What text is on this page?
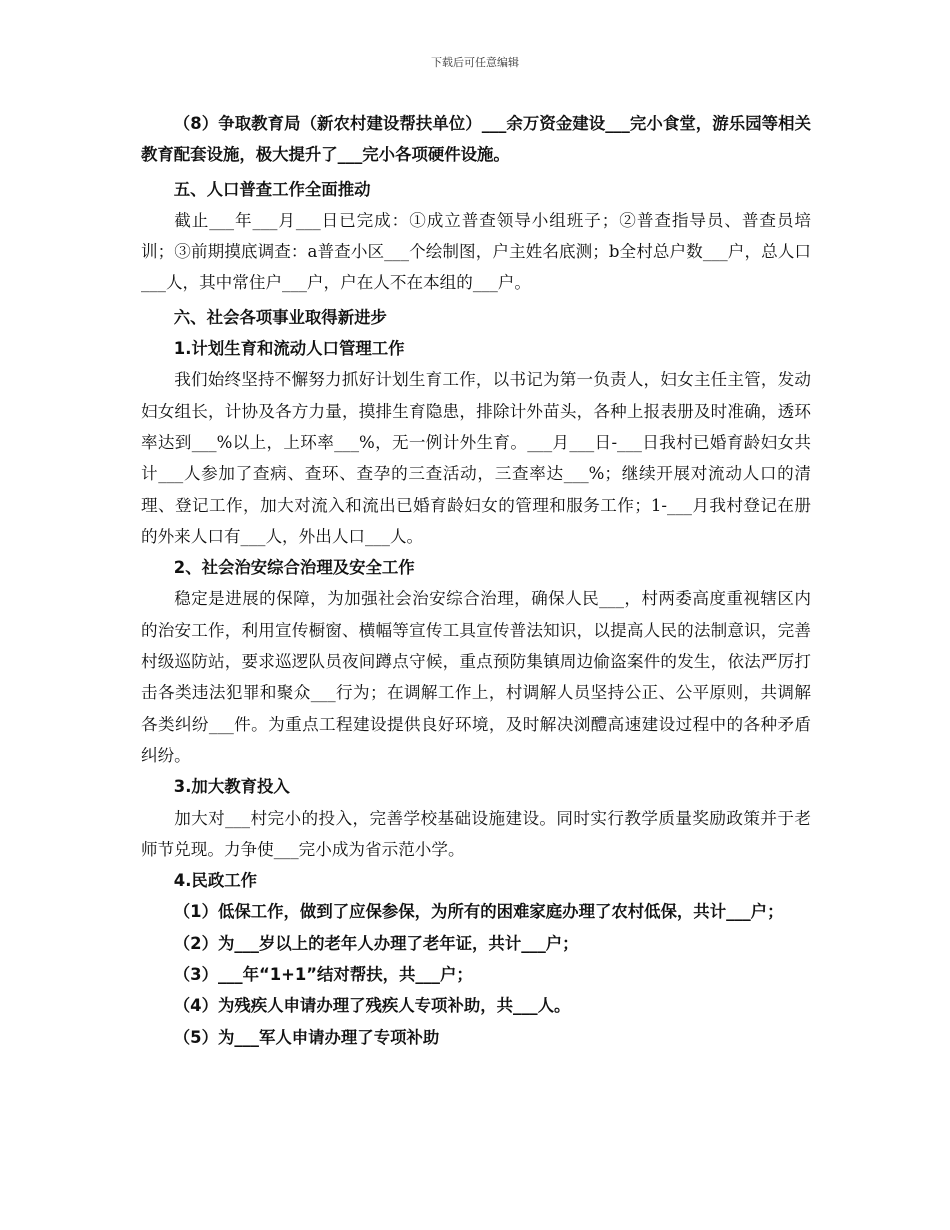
下载后可任意编辑

（8）争取教育局（新农村建设帮扶单位）___余万资金建设___完小食堂，游乐园等相关教育配套设施，极大提升了___完小各项硬件设施。

五、人口普查工作全面推动

截止___年___月___日已完成：①成立普查领导小组班子；②普查指导员、普查员培训；③前期摸底调查：a普查小区___个绘制图，户主姓名底测；b全村总户数___户，总人口___人，其中常住户___户，户在人不在本组的___户。

六、社会各项事业取得新进步

1.计划生育和流动人口管理工作

我们始终坚持不懈努力抓好计划生育工作，以书记为第一负责人，妇女主任主管，发动妇女组长，计协及各方力量，摸排生育隐患，排除计外苗头，各种上报表册及时准确，透环率达到___%以上，上环率___%，无一例计外生育。___月___日-___日我村已婚育龄妇女共计___人参加了查病、查环、查孕的三查活动，三查率达___%；继续开展对流动人口的清理、登记工作，加大对流入和流出已婚育龄妇女的管理和服务工作；1-___月我村登记在册的外来人口有___人，外出人口___人。

2、社会治安综合治理及安全工作

稳定是进展的保障，为加强社会治安综合治理，确保人民___，村两委高度重视辖区内的治安工作，利用宣传橱窗、横幅等宣传工具宣传普法知识，以提高人民的法制意识，完善村级巡防站，要求巡逻队员夜间蹲点守候，重点预防集镇周边偷盗案件的发生，依法严厉打击各类违法犯罪和聚众___行为；在调解工作上，村调解人员坚持公正、公平原则，共调解各类纠纷___件。为重点工程建设提供良好环境，及时解决浏醴高速建设过程中的各种矛盾纠纷。

3.加大教育投入

加大对___村完小的投入，完善学校基础设施建设。同时实行教学质量奖励政策并于老师节兑现。力争使___完小成为省示范小学。

4.民政工作

（1）低保工作，做到了应保参保，为所有的困难家庭办理了农村低保，共计___户；

（2）为___岁以上的老年人办理了老年证，共计___户；

（3）___年“1+1”结对帮扶，共___户；

（4）为残疾人申请办理了残疾人专项补助，共___人。

（5）为___军人申请办理了专项补助
